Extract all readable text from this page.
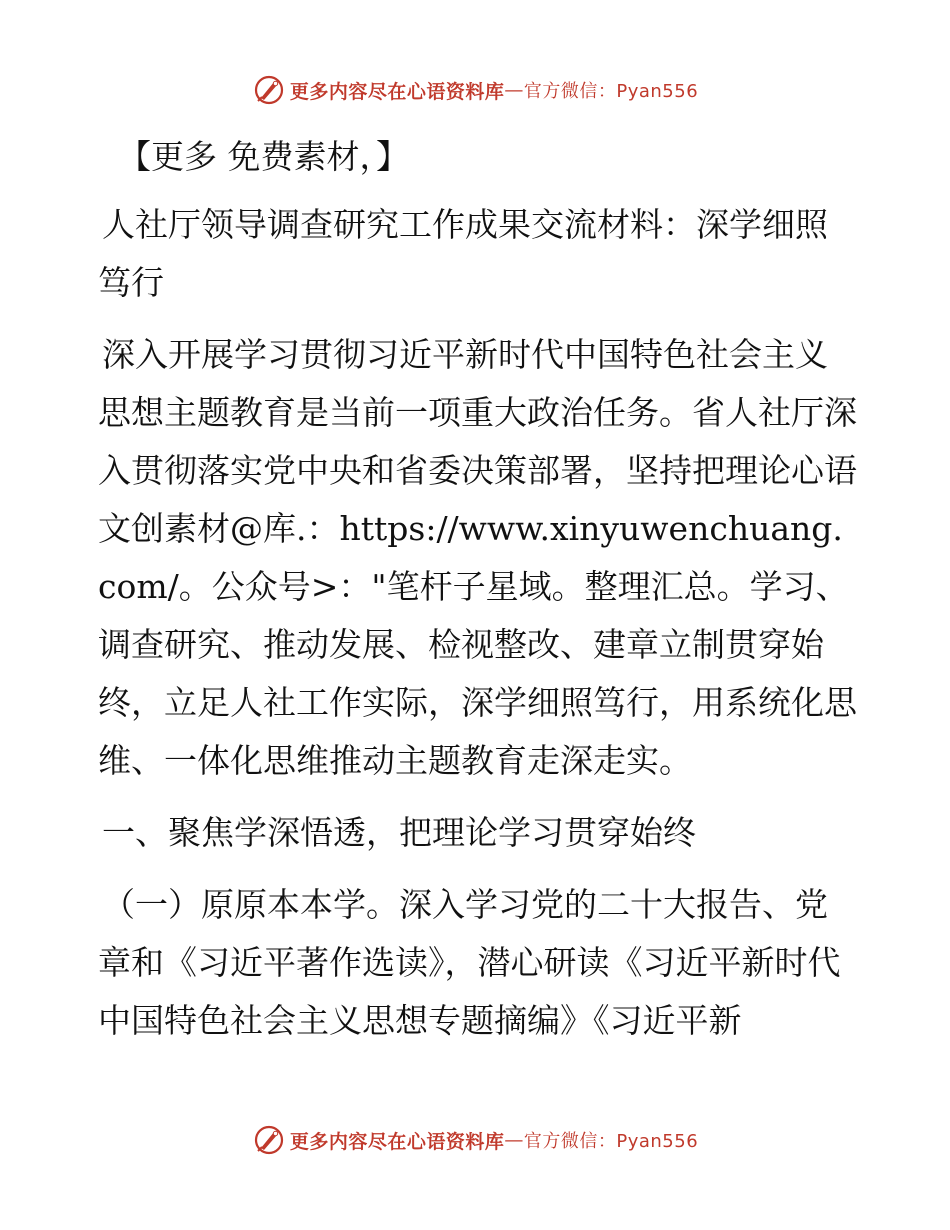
更多内容尽在心语资料库 — 官方微信：Pyan556

【更多 免费素材，】

人社厅领导调查研究工作成果交流材料：深学细照笃行

深入开展学习贯彻习近平新时代中国特色社会主义思想主题教育是当前一项重大政治任务。省人社厅深入贯彻落实党中央和省委决策部署，坚持把理论心语文创素材@库.：https://www.xinyuwenchuang.com/。公众号>："笔杆子星域。整理汇总。学习、调查研究、推动发展、检视整改、建章立制贯穿始终，立足人社工作实际，深学细照笃行，用系统化思维、一体化思维推动主题教育走深走实。

一、聚焦学深悟透，把理论学习贯穿始终

（一）原原本本学。深入学习党的二十大报告、党章和《习近平著作选读》，潜心研读《习近平新时代中国特色社会主义思想专题摘编》《习近平新

更多内容尽在心语资料库 — 官方微信：Pyan556
